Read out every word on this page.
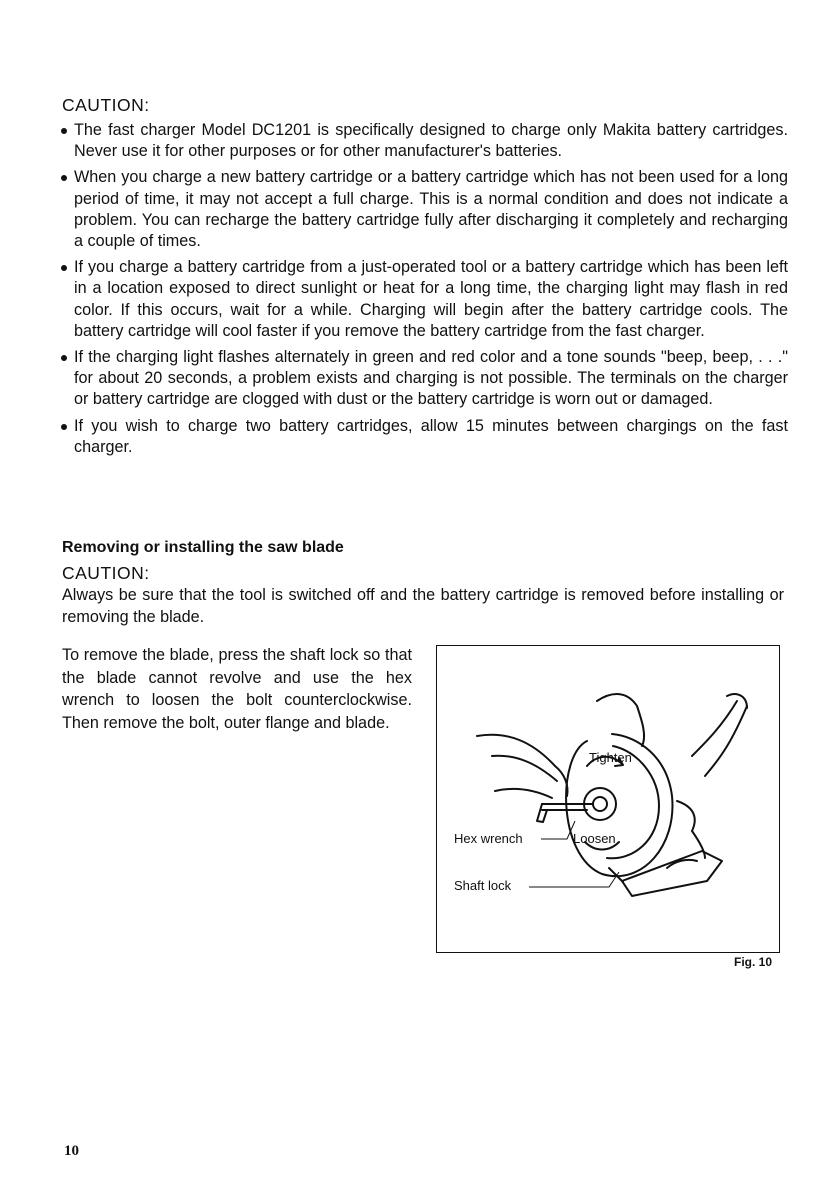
CAUTION:
The fast charger Model DC1201 is specifically designed to charge only Makita battery cartridges. Never use it for other purposes or for other manufacturer's batteries.
When you charge a new battery cartridge or a battery cartridge which has not been used for a long period of time, it may not accept a full charge. This is a normal condition and does not indicate a problem. You can recharge the battery cartridge fully after discharging it completely and recharging a couple of times.
If you charge a battery cartridge from a just-operated tool or a battery cartridge which has been left in a location exposed to direct sunlight or heat for a long time, the charging light may flash in red color. If this occurs, wait for a while. Charging will begin after the battery cartridge cools. The battery cartridge will cool faster if you remove the battery cartridge from the fast charger.
If the charging light flashes alternately in green and red color and a tone sounds "beep, beep, . . ." for about 20 seconds, a problem exists and charging is not possible. The terminals on the charger or battery cartridge are clogged with dust or the battery cartridge is worn out or damaged.
If you wish to charge two battery cartridges, allow 15 minutes between chargings on the fast charger.
Removing or installing the saw blade
CAUTION:
Always be sure that the tool is switched off and the battery cartridge is removed before installing or removing the blade.
To remove the blade, press the shaft lock so that the blade cannot revolve and use the hex wrench to loosen the bolt counterclockwise. Then remove the bolt, outer flange and blade.
Tighten
Loosen
Hex wrench
Shaft lock
Fig. 10
10
